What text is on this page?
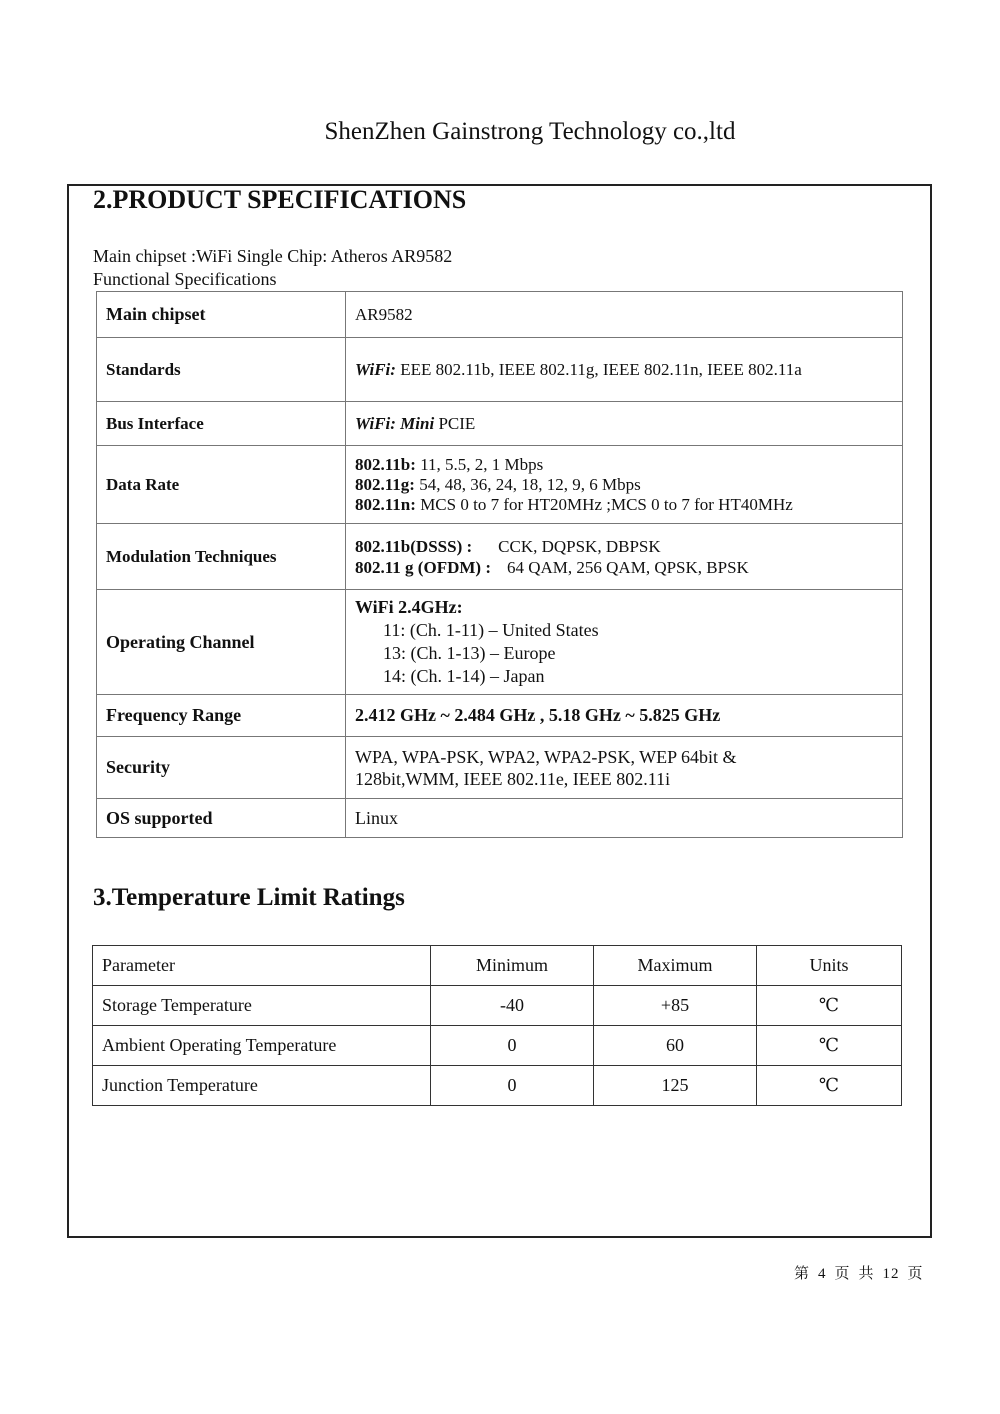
ShenZhen Gainstrong Technology co.,ltd
2.PRODUCT SPECIFICATIONS
Main chipset :WiFi Single Chip: Atheros AR9582
Functional Specifications
Main chipset	AR9582
Standards	WiFi: EEE 802.11b, IEEE 802.11g, IEEE 802.11n, IEEE 802.11a
Bus Interface	WiFi: Mini PCIE
Data Rate	802.11b: 11, 5.5, 2, 1 Mbps
802.11g: 54, 48, 36, 24, 18, 12, 9, 6 Mbps
802.11n: MCS 0 to 7 for HT20MHz ;MCS 0 to 7 for HT40MHz

Modulation Techniques	802.11b(DSSS) : CCK, DQPSK, DBPSK
802.11 g (OFDM) : 64 QAM, 256 QAM, QPSK, BPSK

Operating Channel	WiFi 2.4GHz:
11: (Ch. 1-11) – United States
13: (Ch. 1-13) – Europe
14: (Ch. 1-14) – Japan

Frequency Range	2.412 GHz ~ 2.484 GHz , 5.18 GHz ~ 5.825 GHz
Security	WPA, WPA-PSK, WPA2, WPA2-PSK, WEP 64bit &
128bit,WMM, IEEE 802.11e, IEEE 802.11i

OS supported	Linux
3.Temperature Limit Ratings
Parameter	Minimum	Maximum	Units
Storage Temperature	-40	+85	℃
Ambient Operating Temperature	0	60	℃
Junction Temperature	0	125	℃
第 4 页 共 12 页
